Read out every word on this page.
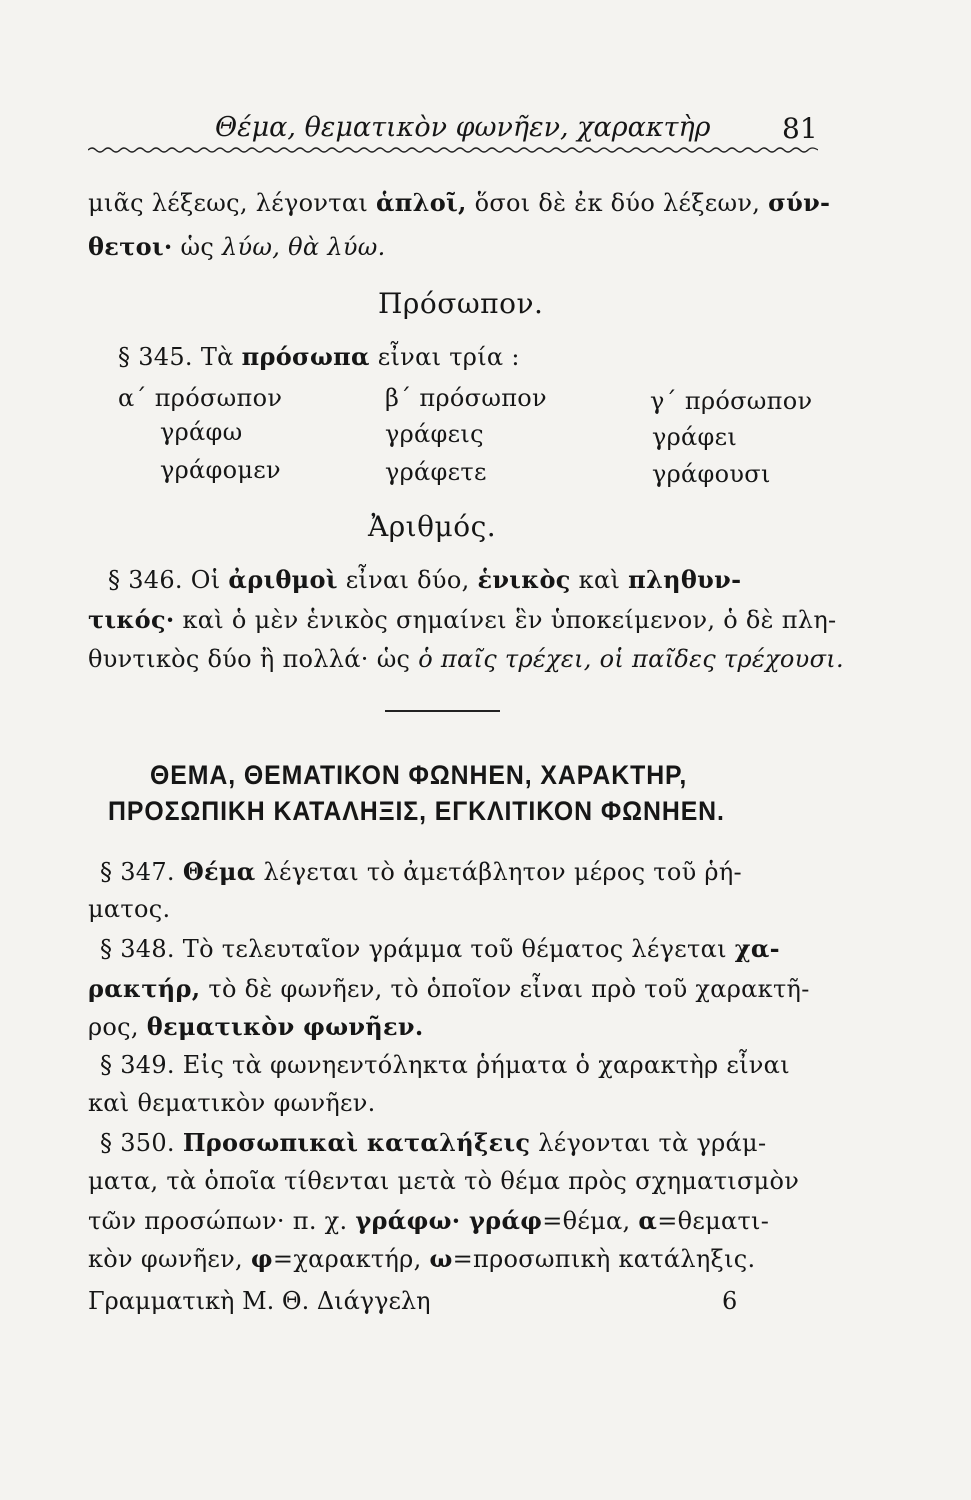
Θέμα, θεματικὸν φωνῆεν, χαρακτὴρ	81
μιᾶς λέξεως, λέγονται ἁπλοῖ, ὅσοι δὲ ἐκ δύο λέξεων, σύν-
θετοι· ὡς λύω, θὰ λύω.
Πρόσωπον.
§ 345. Τὰ πρόσωπα εἶναι τρία :
α΄ πρόσωπον	β΄ πρόσωπον	γ΄ πρόσωπον
γράφω	γράφεις	γράφει
γράφομεν	γράφετε	γράφουσι
Ἀριθμός.
§ 346. Οἱ ἀριθμοὶ εἶναι δύο, ἑνικὸς καὶ πληθυν-
τικός· καὶ ὁ μὲν ἑνικὸς σημαίνει ἓν ὑποκείμενον, ὁ δὲ πλη-
θυντικὸς δύο ἢ πολλά· ὡς ὁ παῖς τρέχει, οἱ παῖδες τρέχουσι.
ΘΕΜΑ, ΘΕΜΑΤΙΚΟΝ ΦΩΝΗΕΝ, ΧΑΡΑΚΤΗΡ,
ΠΡΟΣΩΠΙΚΗ ΚΑΤΑΛΗΞΙΣ, ΕΓΚΛΙΤΙΚΟΝ ΦΩΝΗΕΝ.
§ 347. Θέμα λέγεται τὸ ἀμετάβλητον μέρος τοῦ ῥή-
ματος.
§ 348. Τὸ τελευταῖον γράμμα τοῦ θέματος λέγεται χα-
ρακτήρ, τὸ δὲ φωνῆεν, τὸ ὁποῖον εἶναι πρὸ τοῦ χαρακτῆ-
ρος, θεματικὸν φωνῆεν.
§ 349. Εἰς τὰ φωνηεντόληκτα ῥήματα ὁ χαρακτὴρ εἶναι
καὶ θεματικὸν φωνῆεν.
§ 350. Προσωπικαὶ καταλήξεις λέγονται τὰ γράμ-
ματα, τὰ ὁποῖα τίθενται μετὰ τὸ θέμα πρὸς σχηματισμὸν
τῶν προσώπων· π. χ. γράφω· γράφ=θέμα, α=θεματι-
κὸν φωνῆεν, φ=χαρακτήρ, ω=προσωπικὴ κατάληξις.
Γραμματικὴ Μ. Θ. Διάγγελη	6
